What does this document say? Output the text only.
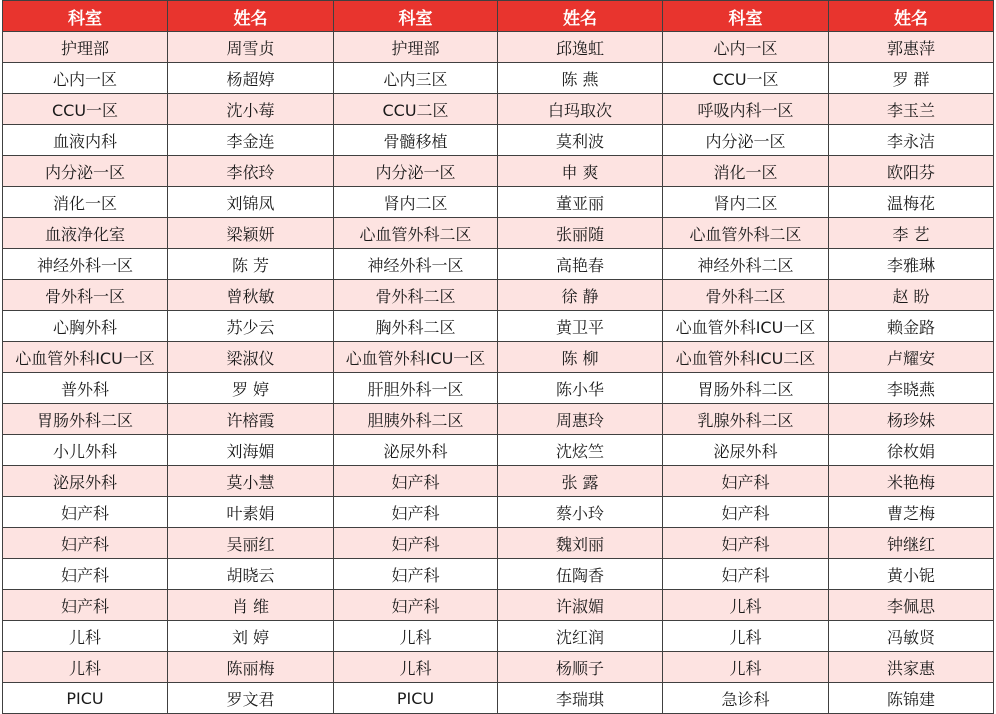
科室	姓名	科室	姓名	科室	姓名
护理部	周雪贞	护理部	邱逸虹	心内一区	郭惠萍
心内一区	杨超婷	心内三区	陈 燕	CCU一区	罗 群
CCU一区	沈小莓	CCU二区	白玛取次	呼吸内科一区	李玉兰
血液内科	李金连	骨髓移植	莫利波	内分泌一区	李永洁
内分泌一区	李依玲	内分泌一区	申 爽	消化一区	欧阳芬
消化一区	刘锦凤	肾内二区	董亚丽	肾内二区	温梅花
血液净化室	梁颖妍	心血管外科二区	张丽随	心血管外科二区	李 艺
神经外科一区	陈 芳	神经外科一区	高艳春	神经外科二区	李雅琳
骨外科一区	曾秋敏	骨外科二区	徐 静	骨外科二区	赵 盼
心胸外科	苏少云	胸外科二区	黄卫平	心血管外科ICU一区	赖金路
心血管外科ICU一区	梁淑仪	心血管外科ICU一区	陈 柳	心血管外科ICU二区	卢耀安
普外科	罗 婷	肝胆外科一区	陈小华	胃肠外科二区	李晓燕
胃肠外科二区	许榕霞	胆胰外科二区	周惠玲	乳腺外科二区	杨珍妹
小儿外科	刘海媚	泌尿外科	沈炫竺	泌尿外科	徐枚娟
泌尿外科	莫小慧	妇产科	张 露	妇产科	米艳梅
妇产科	叶素娟	妇产科	蔡小玲	妇产科	曹芝梅
妇产科	吴丽红	妇产科	魏刘丽	妇产科	钟继红
妇产科	胡晓云	妇产科	伍陶香	妇产科	黄小铌
妇产科	肖 维	妇产科	许淑媚	儿科	李佩思
儿科	刘 婷	儿科	沈红润	儿科	冯敏贤
儿科	陈丽梅	儿科	杨顺子	儿科	洪家惠
PICU	罗文君	PICU	李瑞琪	急诊科	陈锦建
